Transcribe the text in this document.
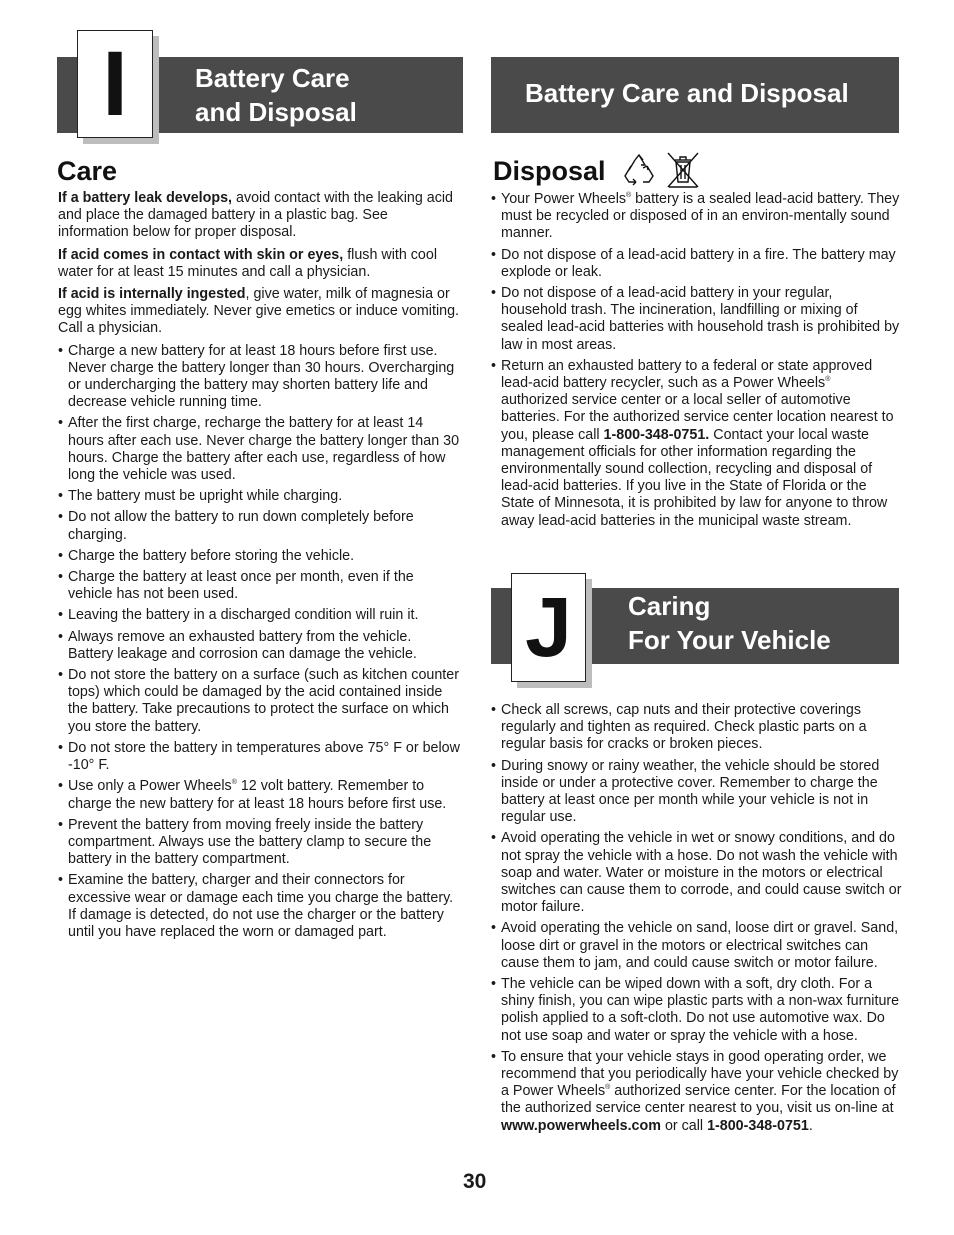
Battery Care
and Disposal
I	Battery Care and Disposal
Care

If a battery leak develops, avoid contact with the leaking acid and place the damaged battery in a plastic bag. See information below for proper disposal.

If acid comes in contact with skin or eyes, flush with cool water for at least 15 minutes and call a physician.

If acid is internally ingested, give water, milk of magnesia or egg whites immediately. Never give emetics or induce vomiting. Call a physician.

• Charge a new battery for at least 18 hours before first use. Never charge the battery longer than 30 hours. Overcharging or undercharging the battery may shorten battery life and decrease vehicle running time.
• After the first charge, recharge the battery for at least 14 hours after each use. Never charge the battery longer than 30 hours. Charge the battery after each use, regardless of how long the vehicle was used.
• The battery must be upright while charging.
• Do not allow the battery to run down completely before charging.
• Charge the battery before storing the vehicle.
• Charge the battery at least once per month, even if the vehicle has not been used.
• Leaving the battery in a discharged condition will ruin it.
• Always remove an exhausted battery from the vehicle. Battery leakage and corrosion can damage the vehicle.
• Do not store the battery on a surface (such as kitchen counter tops) which could be damaged by the acid contained inside the battery. Take precautions to protect the surface on which you store the battery.
• Do not store the battery in temperatures above 75° F or below -10° F.
• Use only a Power Wheels® 12 volt battery. Remember to charge the new battery for at least 18 hours before first use.
• Prevent the battery from moving freely inside the battery compartment. Always use the battery clamp to secure the battery in the battery compartment.
• Examine the battery, charger and their connectors for excessive wear or damage each time you charge the battery. If damage is detected, do not use the charger or the battery until you have replaced the worn or damaged part.
Disposal
• Your Power Wheels® battery is a sealed lead-acid battery. They must be recycled or disposed of in an environ-mentally sound manner.
• Do not dispose of a lead-acid battery in a fire. The battery may explode or leak.
• Do not dispose of a lead-acid battery in your regular, household trash. The incineration, landfilling or mixing of sealed lead-acid batteries with household trash is prohibited by law in most areas.
• Return an exhausted battery to a federal or state approved lead-acid battery recycler, such as a Power Wheels® authorized service center or a local seller of automotive batteries. For the authorized service center location nearest to you, please call 1-800-348-0751. Contact your local waste management officials for other information regarding the environmentally sound collection, recycling and disposal of lead-acid batteries. If you live in the State of Florida or the State of Minnesota, it is prohibited by law for anyone to throw away lead-acid batteries in the municipal waste stream.
Caring
For Your Vehicle
J
• Check all screws, cap nuts and their protective coverings regularly and tighten as required. Check plastic parts on a regular basis for cracks or broken pieces.
• During snowy or rainy weather, the vehicle should be stored inside or under a protective cover. Remember to charge the battery at least once per month while your vehicle is not in regular use.
• Avoid operating the vehicle in wet or snowy conditions, and do not spray the vehicle with a hose. Do not wash the vehicle with soap and water. Water or moisture in the motors or electrical switches can cause them to corrode, and could cause switch or motor failure.
• Avoid operating the vehicle on sand, loose dirt or gravel. Sand, loose dirt or gravel in the motors or electrical switches can cause them to jam, and could cause switch or motor failure.
• The vehicle can be wiped down with a soft, dry cloth. For a shiny finish, you can wipe plastic parts with a non-wax furniture polish applied to a soft-cloth. Do not use automotive wax. Do not use soap and water or spray the vehicle with a hose.
• To ensure that your vehicle stays in good operating order, we recommend that you periodically have your vehicle checked by a Power Wheels® authorized service center. For the location of the authorized service center nearest to you, visit us on-line at www.powerwheels.com or call 1-800-348-0751.
30
